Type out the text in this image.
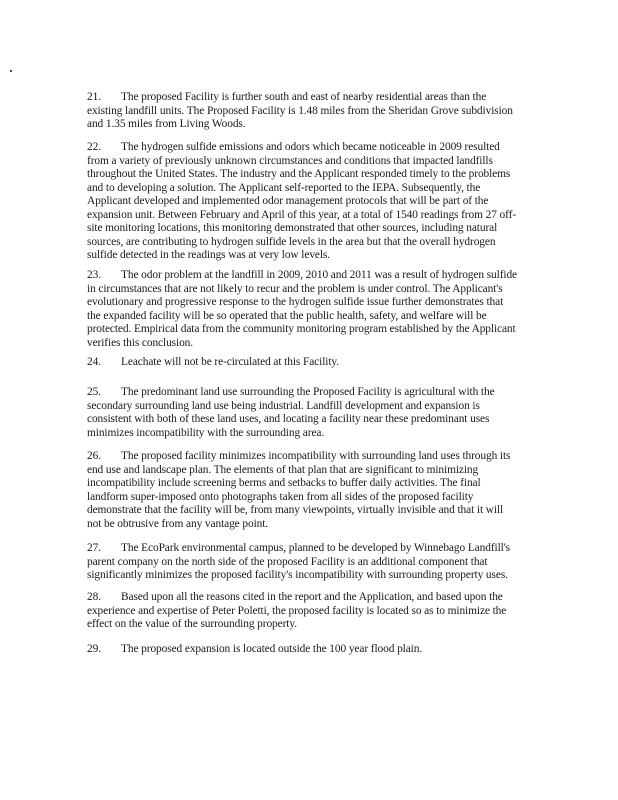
21. The proposed Facility is further south and east of nearby residential areas than the existing landfill units. The Proposed Facility is 1.48 miles from the Sheridan Grove subdivision and 1.35 miles from Living Woods.

22. The hydrogen sulfide emissions and odors which became noticeable in 2009 resulted from a variety of previously unknown circumstances and conditions that impacted landfills throughout the United States. The industry and the Applicant responded timely to the problems and to developing a solution. The Applicant self-reported to the IEPA. Subsequently, the Applicant developed and implemented odor management protocols that will be part of the expansion unit. Between February and April of this year, at a total of 1540 readings from 27 off-site monitoring locations, this monitoring demonstrated that other sources, including natural sources, are contributing to hydrogen sulfide levels in the area but that the overall hydrogen sulfide detected in the readings was at very low levels.

23. The odor problem at the landfill in 2009, 2010 and 2011 was a result of hydrogen sulfide in circumstances that are not likely to recur and the problem is under control. The Applicant's evolutionary and progressive response to the hydrogen sulfide issue further demonstrates that the expanded facility will be so operated that the public health, safety, and welfare will be protected. Empirical data from the community monitoring program established by the Applicant verifies this conclusion.

24. Leachate will not be re-circulated at this Facility.

25. The predominant land use surrounding the Proposed Facility is agricultural with the secondary surrounding land use being industrial. Landfill development and expansion is consistent with both of these land uses, and locating a facility near these predominant uses minimizes incompatibility with the surrounding area.

26. The proposed facility minimizes incompatibility with surrounding land uses through its end use and landscape plan. The elements of that plan that are significant to minimizing incompatibility include screening berms and setbacks to buffer daily activities. The final landform super-imposed onto photographs taken from all sides of the proposed facility demonstrate that the facility will be, from many viewpoints, virtually invisible and that it will not be obtrusive from any vantage point.

27. The EcoPark environmental campus, planned to be developed by Winnebago Landfill's parent company on the north side of the proposed Facility is an additional component that significantly minimizes the proposed facility's incompatibility with surrounding property uses.

28. Based upon all the reasons cited in the report and the Application, and based upon the experience and expertise of Peter Poletti, the proposed facility is located so as to minimize the effect on the value of the surrounding property.

29. The proposed expansion is located outside the 100 year flood plain.
